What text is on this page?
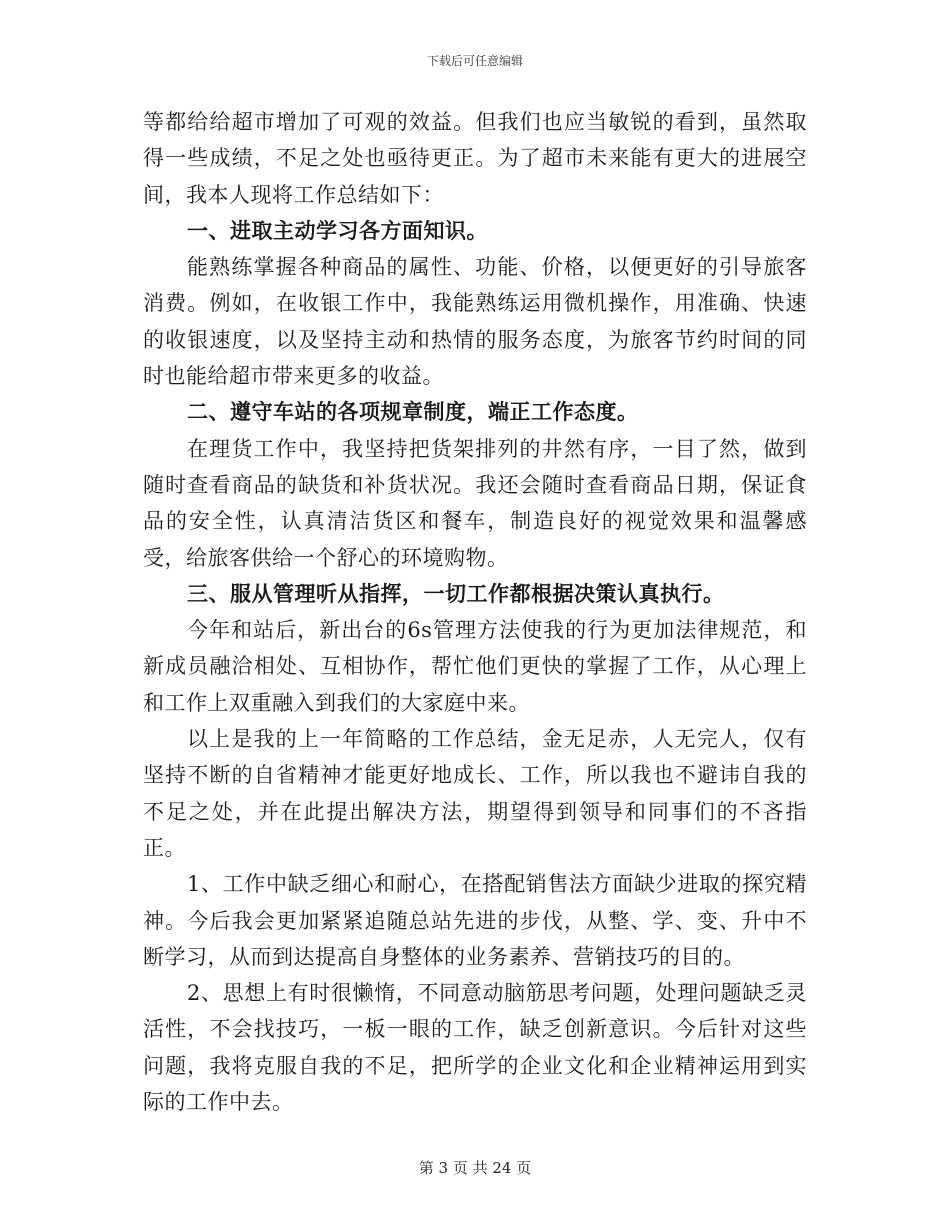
下载后可任意编辑

等都给给超市增加了可观的效益。但我们也应当敏锐的看到，虽然取得一些成绩，不足之处也亟待更正。为了超市未来能有更大的进展空间，我本人现将工作总结如下：

一、进取主动学习各方面知识。

能熟练掌握各种商品的属性、功能、价格，以便更好的引导旅客消费。例如，在收银工作中，我能熟练运用微机操作，用准确、快速的收银速度，以及坚持主动和热情的服务态度，为旅客节约时间的同时也能给超市带来更多的收益。

二、遵守车站的各项规章制度，端正工作态度。

在理货工作中，我坚持把货架排列的井然有序，一目了然，做到随时查看商品的缺货和补货状况。我还会随时查看商品日期，保证食品的安全性，认真清洁货区和餐车，制造良好的视觉效果和温馨感受，给旅客供给一个舒心的环境购物。

三、服从管理听从指挥，一切工作都根据决策认真执行。

今年和站后，新出台的6s管理方法使我的行为更加法律规范，和新成员融洽相处、互相协作，帮忙他们更快的掌握了工作，从心理上和工作上双重融入到我们的大家庭中来。

以上是我的上一年简略的工作总结，金无足赤，人无完人，仅有坚持不断的自省精神才能更好地成长、工作，所以我也不避讳自我的不足之处，并在此提出解决方法，期望得到领导和同事们的不吝指正。

1、工作中缺乏细心和耐心，在搭配销售法方面缺少进取的探究精神。今后我会更加紧紧追随总站先进的步伐，从整、学、变、升中不断学习，从而到达提高自身整体的业务素养、营销技巧的目的。

2、思想上有时很懒惰，不同意动脑筋思考问题，处理问题缺乏灵活性，不会找技巧，一板一眼的工作，缺乏创新意识。今后针对这些问题，我将克服自我的不足，把所学的企业文化和企业精神运用到实际的工作中去。

第 3 页 共 24 页
